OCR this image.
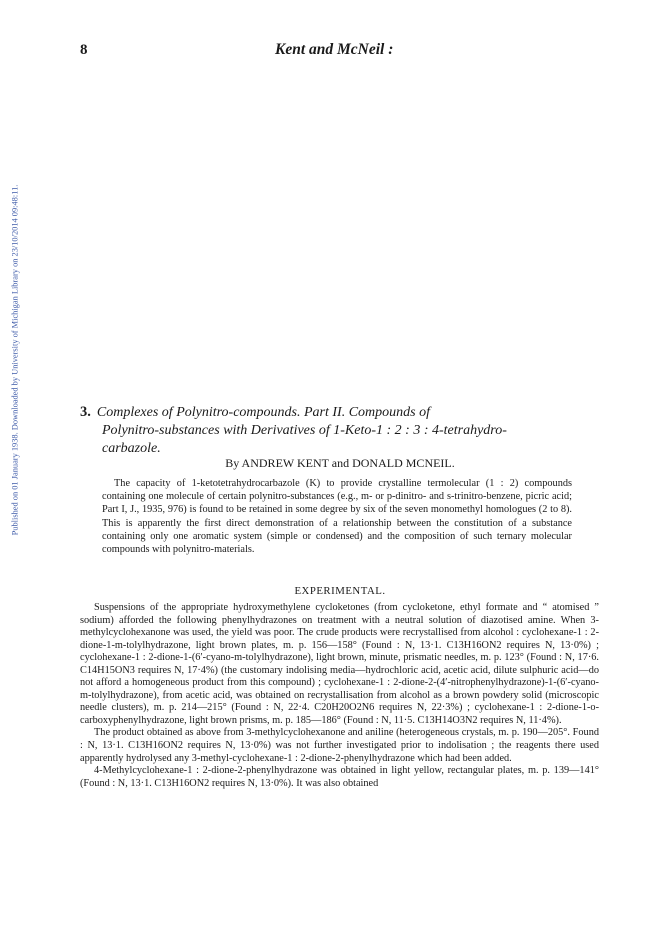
Published on 01 January 1938. Downloaded by University of Michigan Library on 23/10/2014 09:48:11.
8	Kent and McNeil :
3. Complexes of Polynitro-compounds. Part II. Compounds of
Polynitro-substances with Derivatives of 1-Keto-1 : 2 : 3 : 4-tetrahydro-
carbazole.
By ANDREW KENT and DONALD MCNEIL.

The capacity of 1-ketotetrahydrocarbazole (K) to provide crystalline termolecular (1 : 2) compounds containing one molecule of certain polynitro-substances (e.g., m- or p-dinitro- and s-trinitro-benzene, picric acid; Part I, J., 1935, 976) is found to be retained in some degree by six of the seven monomethyl homologues (2 to 8). This is apparently the first direct demonstration of a relationship between the constitution of a substance containing only one aromatic system (simple or condensed) and the composition of such ternary molecular compounds with polynitro-materials.

EXPERIMENTAL.

Suspensions of the appropriate hydroxymethylene cycloketones (from cycloketone, ethyl formate and “ atomised ” sodium) afforded the following phenylhydrazones on treatment with a neutral solution of diazotised amine. When 3-methylcyclohexanone was used, the yield was poor. The crude products were recrystallised from alcohol : cyclohexane-1 : 2-dione-1-m-tolylhydrazone, light brown plates, m. p. 156—158° (Found : N, 13·1. C13H16ON2 requires N, 13·0%) ; cyclohexane-1 : 2-dione-1-(6′-cyano-m-tolylhydrazone), light brown, minute, prismatic needles, m. p. 123° (Found : N, 17·6. C14H15ON3 requires N, 17·4%) (the customary indolising media—hydrochloric acid, acetic acid, dilute sulphuric acid—do not afford a homogeneous product from this compound) ; cyclohexane-1 : 2-dione-2-(4′-nitrophenylhydrazone)-1-(6′-cyano-m-tolylhydrazone), from acetic acid, was obtained on recrystallisation from alcohol as a brown powdery solid (microscopic needle clusters), m. p. 214—215° (Found : N, 22·4. C20H20O2N6 requires N, 22·3%) ; cyclohexane-1 : 2-dione-1-o-carboxyphenylhydrazone, light brown prisms, m. p. 185—186° (Found : N, 11·5. C13H14O3N2 requires N, 11·4%).

The product obtained as above from 3-methylcyclohexanone and aniline (heterogeneous crystals, m. p. 190—205°. Found : N, 13·1. C13H16ON2 requires N, 13·0%) was not further investigated prior to indolisation ; the reagents there used apparently hydrolysed any 3-methyl-cyclohexane-1 : 2-dione-2-phenylhydrazone which had been added.

4-Methylcyclohexane-1 : 2-dione-2-phenylhydrazone was obtained in light yellow, rectangular plates, m. p. 139—141° (Found : N, 13·1. C13H16ON2 requires N, 13·0%). It was also obtained
